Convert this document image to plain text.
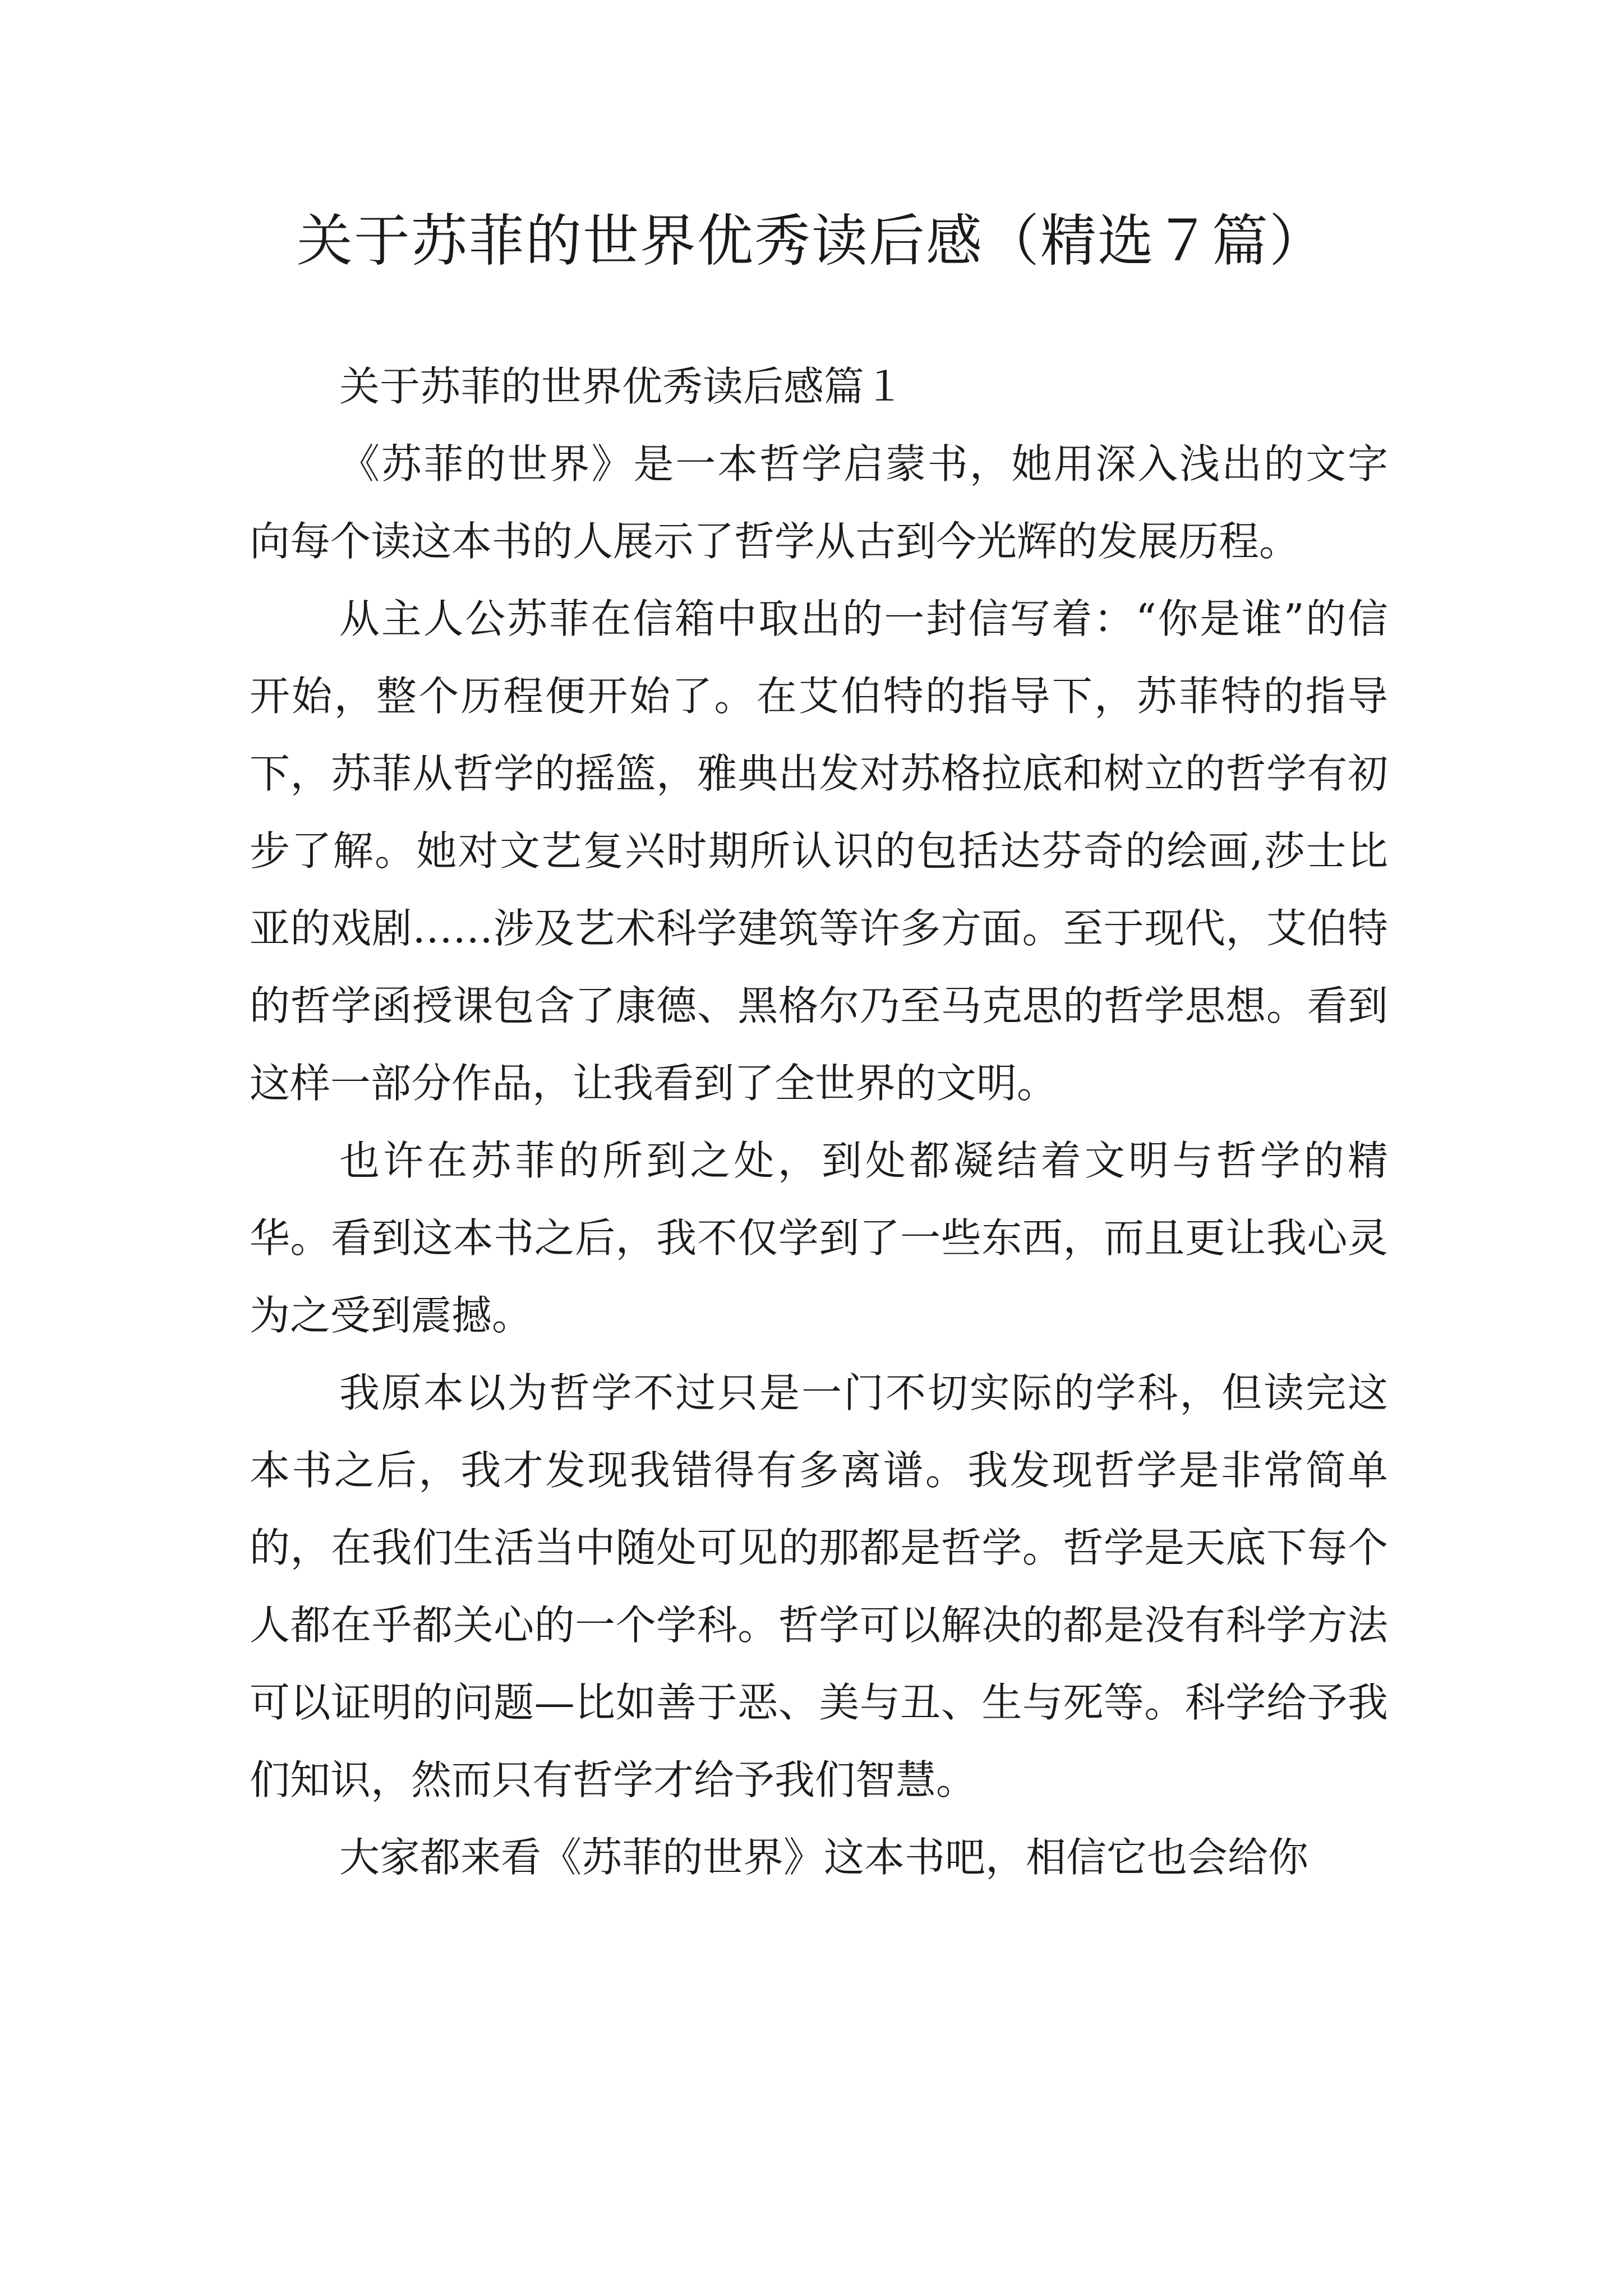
关于苏菲的世界优秀读后感（精选７篇）

关于苏菲的世界优秀读后感篇１

《苏菲的世界》是一本哲学启蒙书，她用深入浅出的文字向每个读这本书的人展示了哲学从古到今光辉的发展历程。

从主人公苏菲在信箱中取出的一封信写着：“你是谁”的信开始，整个历程便开始了。在艾伯特的指导下，苏菲特的指导下，苏菲从哲学的摇篮，雅典出发对苏格拉底和树立的哲学有初步了解。她对文艺复兴时期所认识的包括达芬奇的绘画,莎士比亚的戏剧……涉及艺术科学建筑等许多方面。至于现代，艾伯特的哲学函授课包含了康德、黑格尔乃至马克思的哲学思想。看到这样一部分作品，让我看到了全世界的文明。

也许在苏菲的所到之处，到处都凝结着文明与哲学的精华。看到这本书之后，我不仅学到了一些东西，而且更让我心灵为之受到震撼。

我原本以为哲学不过只是一门不切实际的学科，但读完这本书之后，我才发现我错得有多离谱。我发现哲学是非常简单的，在我们生活当中随处可见的那都是哲学。哲学是天底下每个人都在乎都关心的一个学科。哲学可以解决的都是没有科学方法可以证明的问题—比如善于恶、美与丑、生与死等。科学给予我们知识，然而只有哲学才给予我们智慧。

大家都来看《苏菲的世界》这本书吧，相信它也会给你
